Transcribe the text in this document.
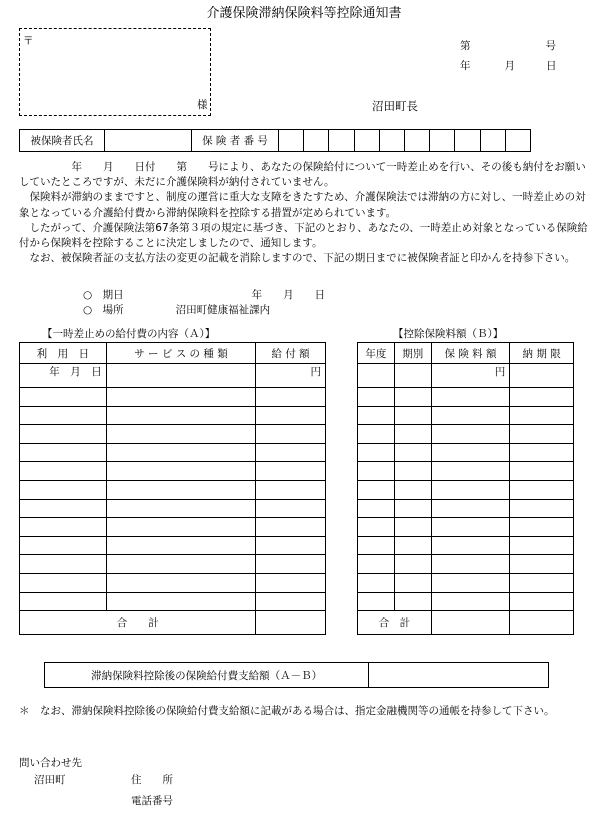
介護保険滞納保険料等控除通知書
〒
様
第	号
年	月	日
沼田町長
被保険者氏名		保 険 者 番 号										

　　　　　年　　月　　日付　　第　　号により、あなたの保険給付について一時差止めを行い、その後も納付をお願いしていたところですが、未だに介護保険料が納付されていません。

　保険料が滞納のままですと、制度の運営に重大な支障をきたすため、介護保険法では滞納の方に対し、一時差止めの対象となっている介護給付費から滞納保険料を控除する措置が定められています。

　したがって、介護保険法第67条第３項の規定に基づき、下記のとおり、あなたの、一時差止め対象となっている保険給付から保険料を控除することに決定しましたので、通知します。

　なお、被保険者証の支払方法の変更の記載を消除しますので、下記の期日までに被保険者証と印かんを持参下さい。

○　期日	年　　月　　日
○　場所	沼田町健康福祉課内
【一時差止めの給付費の内容（Ａ）】	【控除保険料額（Ｂ）】
利　用　日	サ ー ビ ス の 種 類	給 付 額
年　月　日		円

合　　計		
年度	期別	保 険 料 額	納 期 限
		円	

合　計			
滞納保険料控除後の保険給付費支給額（Ａ－Ｂ）	
＊　なお、滞納保険料控除後の保険給付費支給額に記載がある場合は、指定金融機関等の通帳を持参して下さい。
問い合わせ先
沼田町	住　　所
電話番号
